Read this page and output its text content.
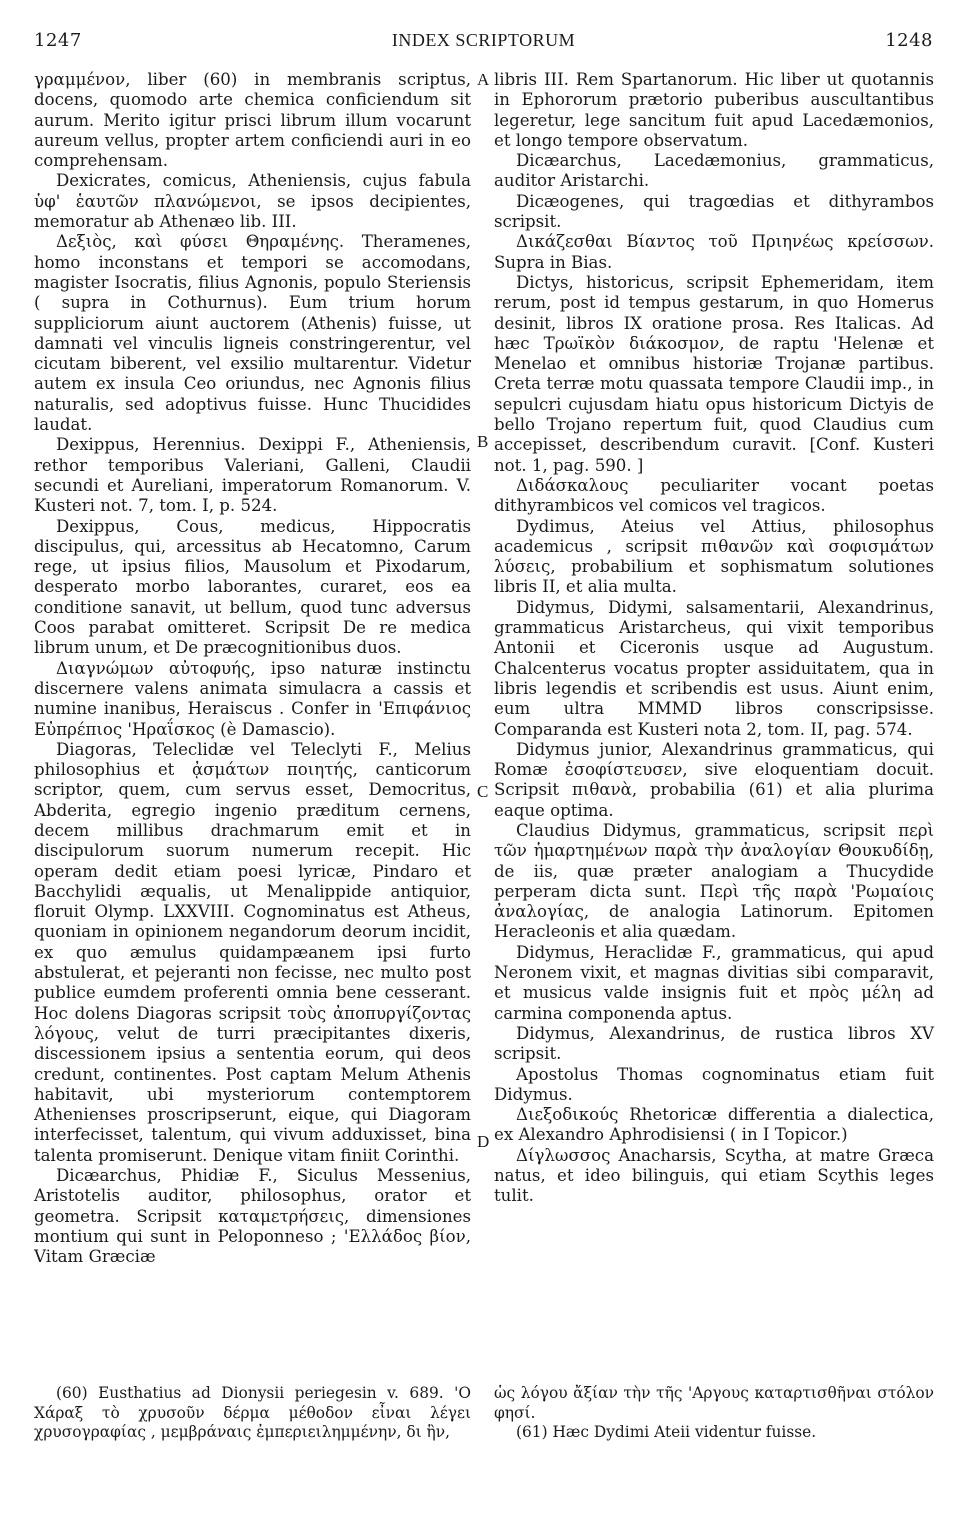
1247	INDEX SCRIPTORUM	1248
A
B
C
D

γραμμένον, liber (60) in membranis scriptus, docens, quomodo arte chemica conficiendum sit aurum. Merito igitur prisci librum illum vocarunt aureum vellus, propter artem conficiendi auri in eo comprehensam.

Dexicrates, comicus, Atheniensis, cujus fabula ὑφ' ἑαυτῶν πλανώμενοι, se ipsos decipientes, memoratur ab Athenæo lib. III.

Δεξιὸς, καὶ φύσει Θηραμένης. Theramenes, homo inconstans et tempori se accomodans, magister Isocratis, filius Agnonis, populo Steriensis ( supra in Cothurnus). Eum trium horum suppliciorum aiunt auctorem (Athenis) fuisse, ut damnati vel vinculis ligneis constringerentur, vel cicutam biberent, vel exsilio multarentur. Videtur autem ex insula Ceo oriundus, nec Agnonis filius naturalis, sed adoptivus fuisse. Hunc Thucidides laudat.

Dexippus, Herennius. Dexippi F., Atheniensis, rethor temporibus Valeriani, Galleni, Claudii secundi et Aureliani, imperatorum Romanorum. V. Kusteri not. 7, tom. I, p. 524.

Dexippus, Cous, medicus, Hippocratis discipulus, qui, arcessitus ab Hecatomno, Carum rege, ut ipsius filios, Mausolum et Pixodarum, desperato morbo laborantes, curaret, eos ea conditione sanavit, ut bellum, quod tunc adversus Coos parabat omitteret. Scripsit De re medica librum unum, et De præcognitionibus duos.

Διαγνώμων αὐτοφυής, ipso naturæ instinctu discernere valens animata simulacra a cassis et numine inanibus, Heraiscus . Confer in 'Επιφάνιος Εὐπρέπιος 'Ηραΐσκος (è Damascio).

Diagoras, Teleclidæ vel Teleclyti F., Melius philosophius et ᾀσμάτων ποιητής, canticorum scriptor, quem, cum servus esset, Democritus, Abderita, egregio ingenio præditum cernens, decem millibus drachmarum emit et in discipulorum suorum numerum recepit. Hic operam dedit etiam poesi lyricæ, Pindaro et Bacchylidi æqualis, ut Menalippide antiquior, floruit Olymp. LXXVIII. Cognominatus est Atheus, quoniam in opinionem negandorum deorum incidit, ex quo æmulus quidampæanem ipsi furto abstulerat, et pejeranti non fecisse, nec multo post publice eumdem proferenti omnia bene cesserant. Hoc dolens Diagoras scripsit τοὺς ἀποπυργίζοντας λόγους, velut de turri præcipitantes dixeris, discessionem ipsius a sententia eorum, qui deos credunt, continentes. Post captam Melum Athenis habitavit, ubi mysteriorum contemptorem Athenienses proscripserunt, eique, qui Diagoram interfecisset, talentum, qui vivum adduxisset, bina talenta promiserunt. Denique vitam finiit Corinthi.

Dicæarchus, Phidiæ F., Siculus Messenius, Aristotelis auditor, philosophus, orator et geometra. Scripsit καταμετρήσεις, dimensiones montium qui sunt in Peloponneso ; 'Ελλάδος βίον, Vitam Græciæ

libris III. Rem Spartanorum. Hic liber ut quotannis in Ephororum prætorio puberibus auscultantibus legeretur, lege sancitum fuit apud Lacedæmonios, et longo tempore observatum.

Dicæarchus, Lacedæmonius, grammaticus, auditor Aristarchi.

Dicæogenes, qui tragœdias et dithyrambos scripsit.

Δικάζεσθαι Βίαντος τοῦ Πριηνέως κρείσσων. Supra in Bias.

Dictys, historicus, scripsit Ephemeridam, item rerum, post id tempus gestarum, in quo Homerus desinit, libros IX oratione prosa. Res Italicas. Ad hæc Τρωϊκὸν διάκοσμον, de raptu 'Helenæ et Menelao et omnibus historiæ Trojanæ partibus. Creta terræ motu quassata tempore Claudii imp., in sepulcri cujusdam hiatu opus historicum Dictyis de bello Trojano repertum fuit, quod Claudius cum accepisset, describendum curavit. [Conf. Kusteri not. 1, pag. 590. ]

Διδάσκαλους peculiariter vocant poetas dithyrambicos vel comicos vel tragicos.

Dydimus, Ateius vel Attius, philosophus academicus , scripsit πιθανῶν καὶ σοφισμάτων λύσεις, probabilium et sophismatum solutiones libris II, et alia multa.

Didymus, Didymi, salsamentarii, Alexandrinus, grammaticus Aristarcheus, qui vixit temporibus Antonii et Ciceronis usque ad Augustum. Chalcenterus vocatus propter assiduitatem, qua in libris legendis et scribendis est usus. Aiunt enim, eum ultra MMMD libros conscripsisse. Comparanda est Kusteri nota 2, tom. II, pag. 574.

Didymus junior, Alexandrinus grammaticus, qui Romæ ἐσοφίστευσεν, sive eloquentiam docuit. Scripsit πιθανὰ, probabilia (61) et alia plurima eaque optima.

Claudius Didymus, grammaticus, scripsit περὶ τῶν ἡμαρτημένων παρὰ τὴν ἀναλογίαν Θουκυδίδῃ, de iis, quæ præter analogiam a Thucydide perperam dicta sunt. Περὶ τῆς παρὰ 'Ρωμαίοις ἀναλογίας, de analogia Latinorum. Epitomen Heracleonis et alia quædam.

Didymus, Heraclidæ F., grammaticus, qui apud Neronem vixit, et magnas divitias sibi comparavit, et musicus valde insignis fuit et πρὸς μέλη ad carmina componenda aptus.

Didymus, Alexandrinus, de rustica libros XV scripsit.

Apostolus Thomas cognominatus etiam fuit Didymus.

Διεξοδικούς Rhetoricæ differentia a dialectica, ex Alexandro Aphrodisiensi ( in I Topicor.)

Δίγλωσσος Anacharsis, Scytha, at matre Græca natus, et ideo bilinguis, qui etiam Scythis leges tulit.

(60) Eusthatius ad Dionysii periegesin v. 689. 'Ο Χάραξ τὸ χρυσοῦν δέρμα μέθοδον εἶναι λέγει χρυσογραφίας , μεμβράναις ἐμπεριειλημμένην, δι ἣν,

ὡς λόγου ἄξίαν τὴν τῆς 'Αργους καταρτισθῆναι στόλον φησί.

(61) Hæc Dydimi Ateii videntur fuisse.
